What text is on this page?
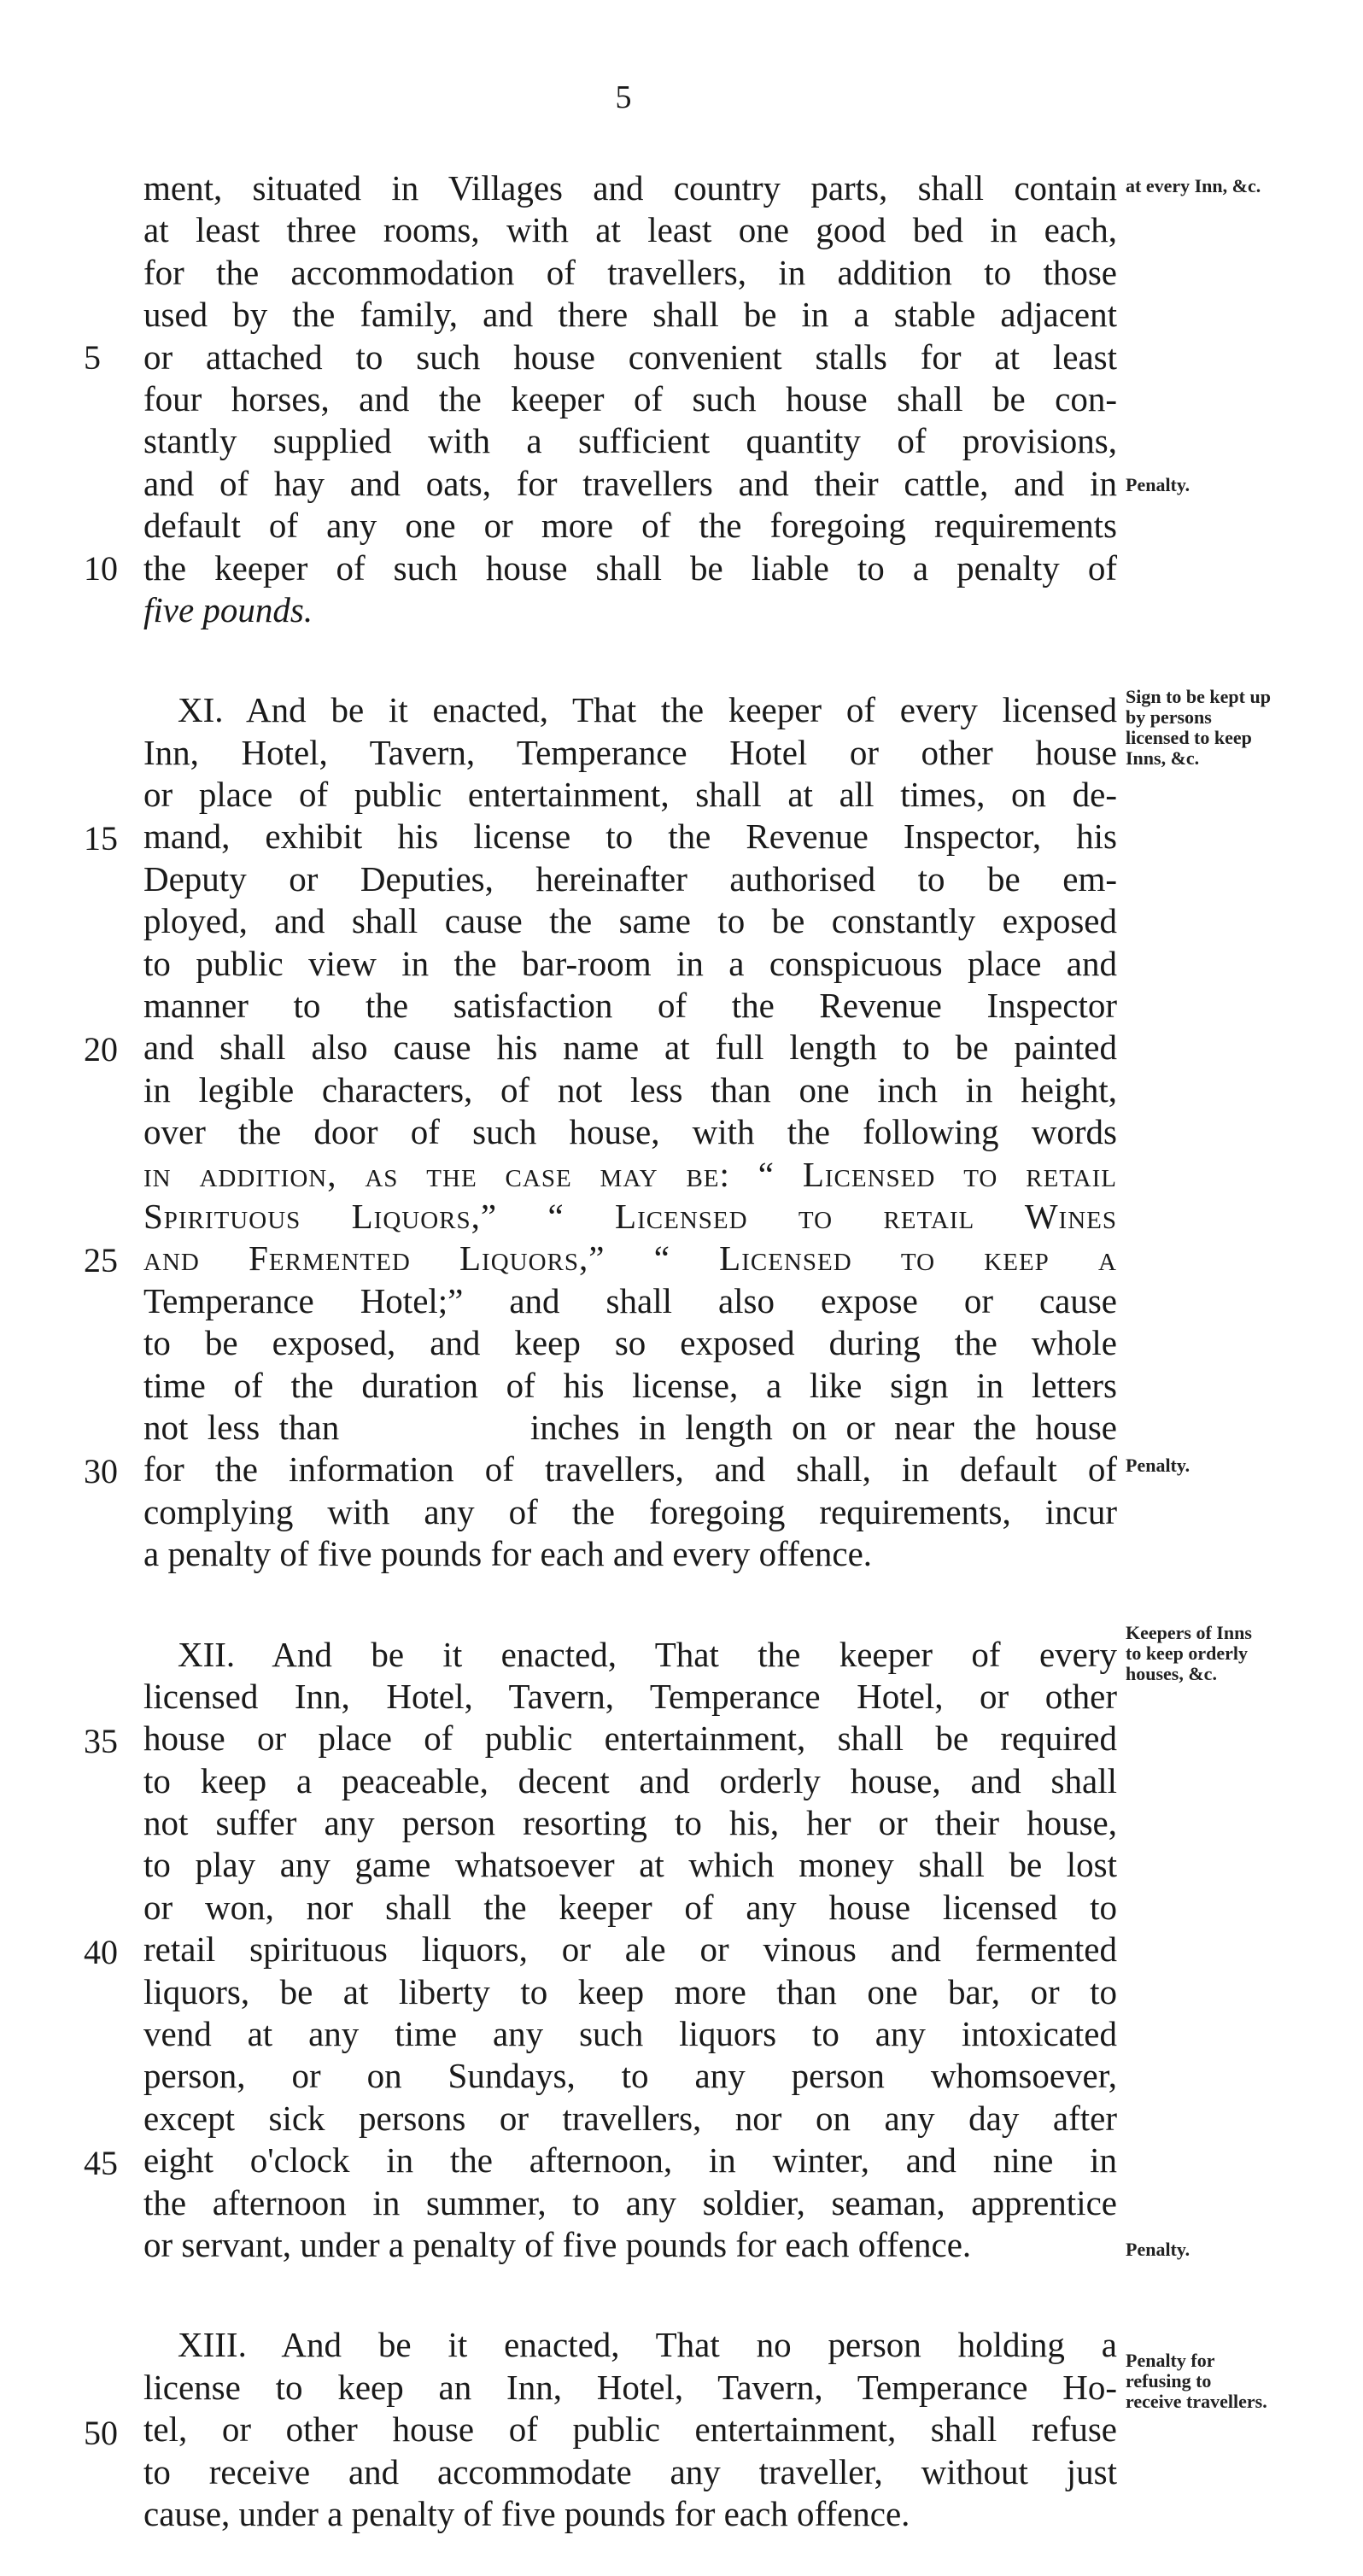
5
5
10
15
20
25
30
35
40
45
50
ment, situated in Villages and country parts, shall contain
at least three rooms, with at least one good bed in each,
for the accommodation of travellers, in addition to those
used by the family, and there shall be in a stable adjacent
or attached to such house convenient stalls for at least
four horses, and the keeper of such house shall be con-
stantly supplied with a sufficient quantity of provisions,
and of hay and oats, for travellers and their cattle, and in
default of any one or more of the foregoing requirements
the keeper of such house shall be liable to a penalty of
five pounds.
XI. And be it enacted, That the keeper of every licensed
Inn, Hotel, Tavern, Temperance Hotel or other house
or place of public entertainment, shall at all times, on de-
mand, exhibit his license to the Revenue Inspector, his
Deputy or Deputies, hereinafter authorised to be em-
ployed, and shall cause the same to be constantly exposed
to public view in the bar-room in a conspicuous place and
manner to the satisfaction of the Revenue Inspector
and shall also cause his name at full length to be painted
in legible characters, of not less than one inch in height,
over the door of such house, with the following words
in addition, as the case may be: “ Licensed to retail
Spirituous Liquors,” “ Licensed to retail Wines
and Fermented Liquors,” “ Licensed to keep a
Temperance Hotel;” and shall also expose or cause
to be exposed, and keep so exposed during the whole
time of the duration of his license, a like sign in letters
not less than          inches in length on or near the house
for the information of travellers, and shall, in default of
complying with any of the foregoing requirements, incur
a penalty of five pounds for each and every offence.
XII. And be it enacted, That the keeper of every
licensed Inn, Hotel, Tavern, Temperance Hotel, or other
house or place of public entertainment, shall be required
to keep a peaceable, decent and orderly house, and shall
not suffer any person resorting to his, her or their house,
to play any game whatsoever at which money shall be lost
or won, nor shall the keeper of any house licensed to
retail spirituous liquors, or ale or vinous and fermented
liquors, be at liberty to keep more than one bar, or to
vend at any time any such liquors to any intoxicated
person, or on Sundays, to any person whomsoever,
except sick persons or travellers, nor on any day after
eight o'clock in the afternoon, in winter, and nine in
the afternoon in summer, to any soldier, seaman, apprentice
or servant, under a penalty of five pounds for each offence.
XIII. And be it enacted, That no person holding a
license to keep an Inn, Hotel, Tavern, Temperance Ho-
tel, or other house of public entertainment, shall refuse
to receive and accommodate any traveller, without just
cause, under a penalty of five pounds for each offence.
at every Inn, &c.
Penalty.
Sign to be kept up by persons licensed to keep Inns, &c.
Penalty.
Keepers of Inns to keep orderly houses, &c.
Penalty.
Penalty for refusing to receive travellers.
